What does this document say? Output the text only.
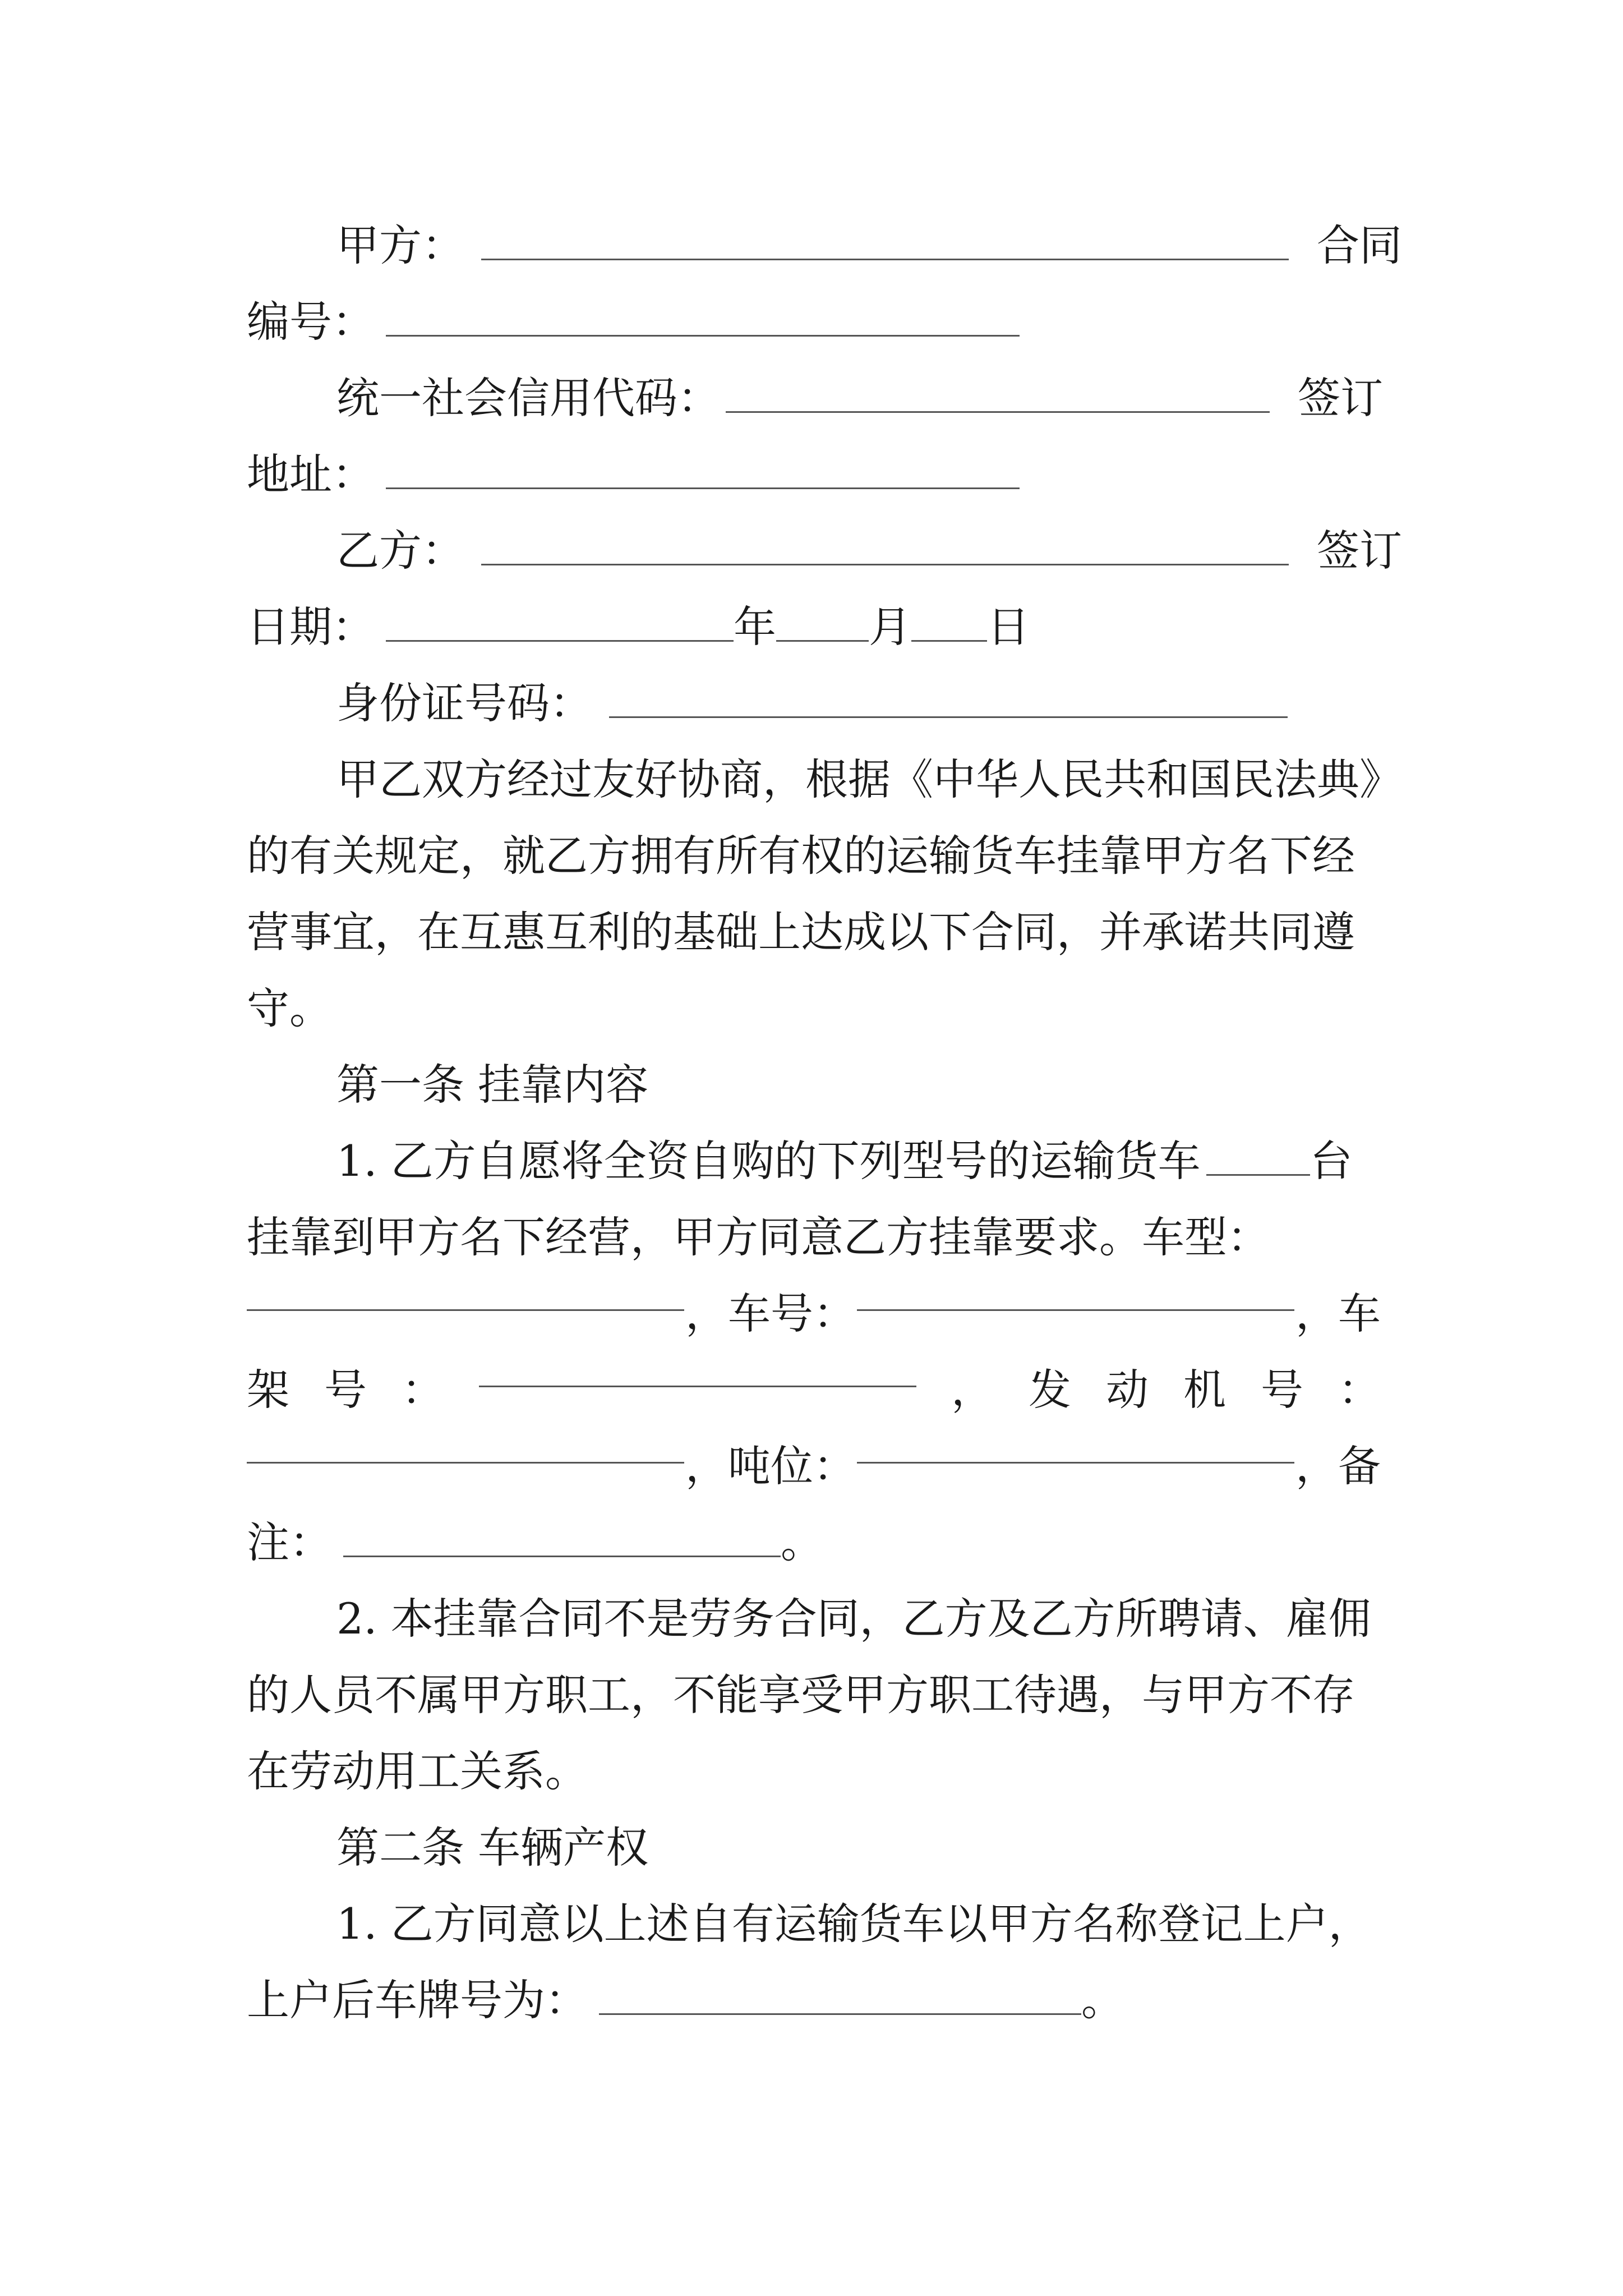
甲方：	合同
编号：
统一社会信用代码：	签订
地址：
乙方：	签订
日期：	年 月 日
身份证号码：
甲乙双方经过友好协商，根据《中华人民共和国民法典》
的有关规定，就乙方拥有所有权的运输货车挂靠甲方名下经
营事宜，在互惠互利的基础上达成以下合同，并承诺共同遵
守。
第一条 挂靠内容
1. 乙方自愿将全资自购的下列型号的运输货车	台
挂靠到甲方名下经营，甲方同意乙方挂靠要求。车型：
，车号：	，车
架 号 ：	， 发 动 机 号 ：
，吨位：	，备
注：	。
2. 本挂靠合同不是劳务合同，乙方及乙方所聘请、雇佣
的人员不属甲方职工，不能享受甲方职工待遇，与甲方不存
在劳动用工关系。
第二条 车辆产权
1. 乙方同意以上述自有运输货车以甲方名称登记上户，
上户后车牌号为：	。
